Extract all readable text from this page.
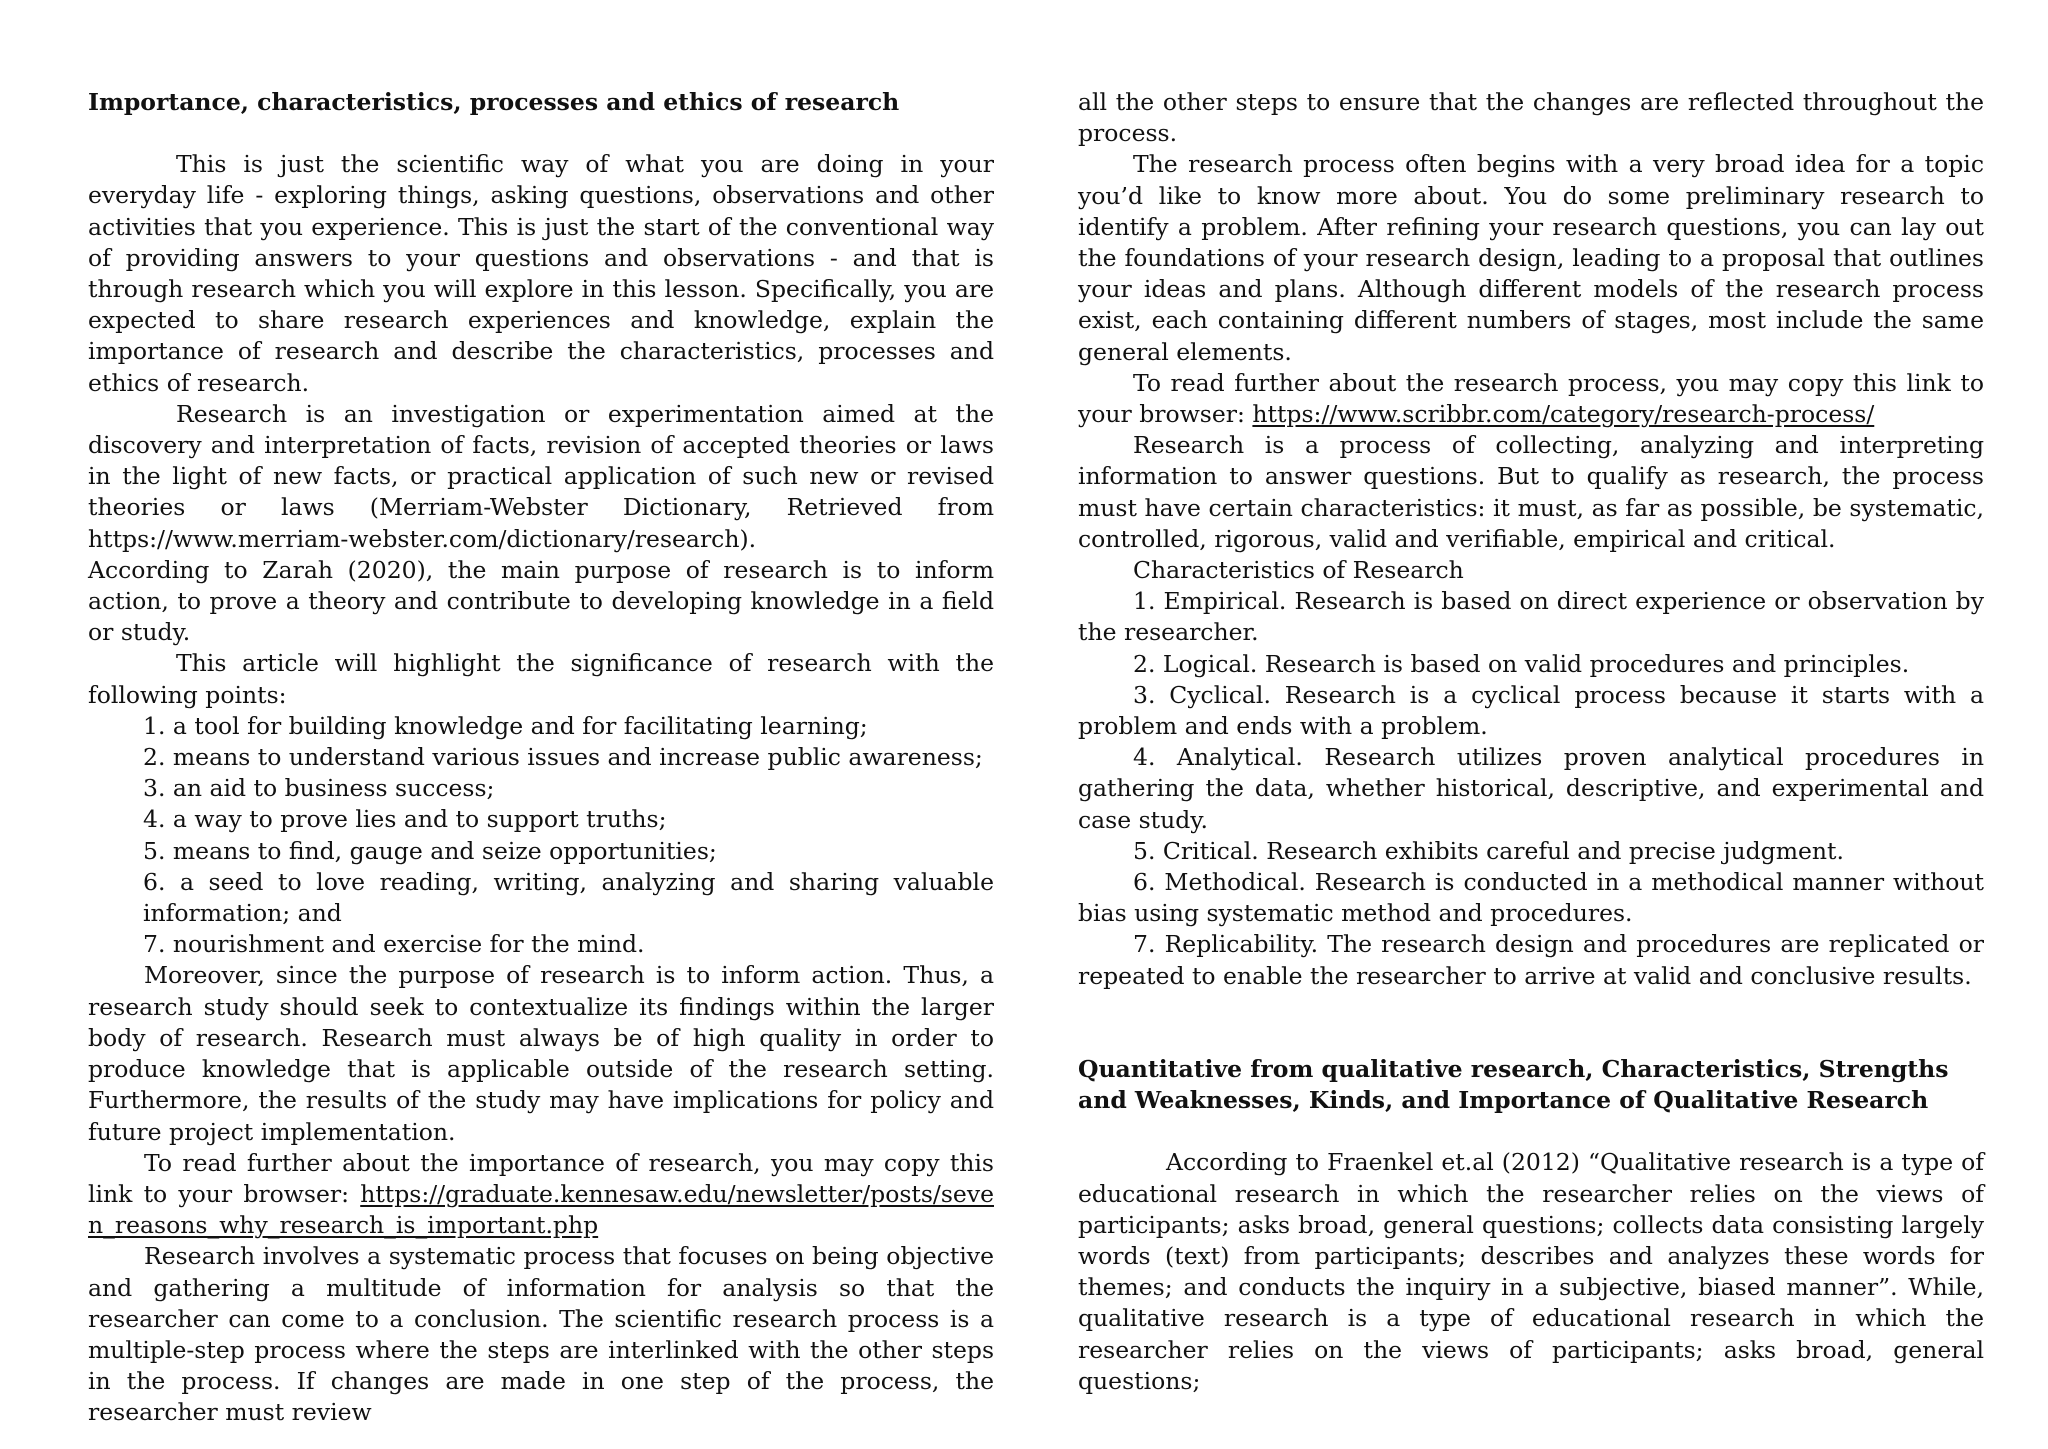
Importance, characteristics, processes and ethics of research

This is just the scientific way of what you are doing in your everyday life - exploring things, asking questions, observations and other activities that you experience. This is just the start of the conventional way of providing answers to your questions and observations - and that is through research which you will explore in this lesson. Specifically, you are expected to share research experiences and knowledge, explain the importance of research and describe the characteristics, processes and ethics of research.

Research is an investigation or experimentation aimed at the discovery and interpretation of facts, revision of accepted theories or laws in the light of new facts, or practical application of such new or revised theories or laws (Merriam-Webster Dictionary, Retrieved from https://www.merriam-webster.com/dictionary/research).

According to Zarah (2020), the main purpose of research is to inform action, to prove a theory and contribute to developing knowledge in a field or study.

This article will highlight the significance of research with the following points:

1. a tool for building knowledge and for facilitating learning;
2. means to understand various issues and increase public awareness;
3. an aid to business success;
4. a way to prove lies and to support truths;
5. means to find, gauge and seize opportunities;
6. a seed to love reading, writing, analyzing and sharing valuable information; and
7. nourishment and exercise for the mind.

Moreover, since the purpose of research is to inform action. Thus, a research study should seek to contextualize its findings within the larger body of research. Research must always be of high quality in order to produce knowledge that is applicable outside of the research setting. Furthermore, the results of the study may have implications for policy and future project implementation.

To read further about the importance of research, you may copy this link to your browser: https://graduate.kennesaw.edu/newsletter/posts/seven_reasons_why_research_is_important.php

Research involves a systematic process that focuses on being objective and gathering a multitude of information for analysis so that the researcher can come to a conclusion. The scientific research process is a multiple-step process where the steps are interlinked with the other steps in the process. If changes are made in one step of the process, the researcher must review

all the other steps to ensure that the changes are reflected throughout the process.

The research process often begins with a very broad idea for a topic you’d like to know more about. You do some preliminary research to identify a problem. After refining your research questions, you can lay out the foundations of your research design, leading to a proposal that outlines your ideas and plans. Although different models of the research process exist, each containing different numbers of stages, most include the same general elements.

To read further about the research process, you may copy this link to your browser: https://www.scribbr.com/category/research-process/

Research is a process of collecting, analyzing and interpreting information to answer questions. But to qualify as research, the process must have certain characteristics: it must, as far as possible, be systematic, controlled, rigorous, valid and verifiable, empirical and critical.

Characteristics of Research

1. Empirical. Research is based on direct experience or observation by the researcher.

2. Logical. Research is based on valid procedures and principles.

3. Cyclical. Research is a cyclical process because it starts with a problem and ends with a problem.

4. Analytical. Research utilizes proven analytical procedures in gathering the data, whether historical, descriptive, and experimental and case study.

5. Critical. Research exhibits careful and precise judgment.

6. Methodical. Research is conducted in a methodical manner without bias using systematic method and procedures.

7. Replicability. The research design and procedures are replicated or repeated to enable the researcher to arrive at valid and conclusive results.

Quantitative from qualitative research, Characteristics, Strengths and Weaknesses, Kinds, and Importance of Qualitative Research

According to Fraenkel et.al (2012) “Qualitative research is a type of educational research in which the researcher relies on the views of participants; asks broad, general questions; collects data consisting largely words (text) from participants; describes and analyzes these words for themes; and conducts the inquiry in a subjective, biased manner”. While, qualitative research is a type of educational research in which the researcher relies on the views of participants; asks broad, general questions;
